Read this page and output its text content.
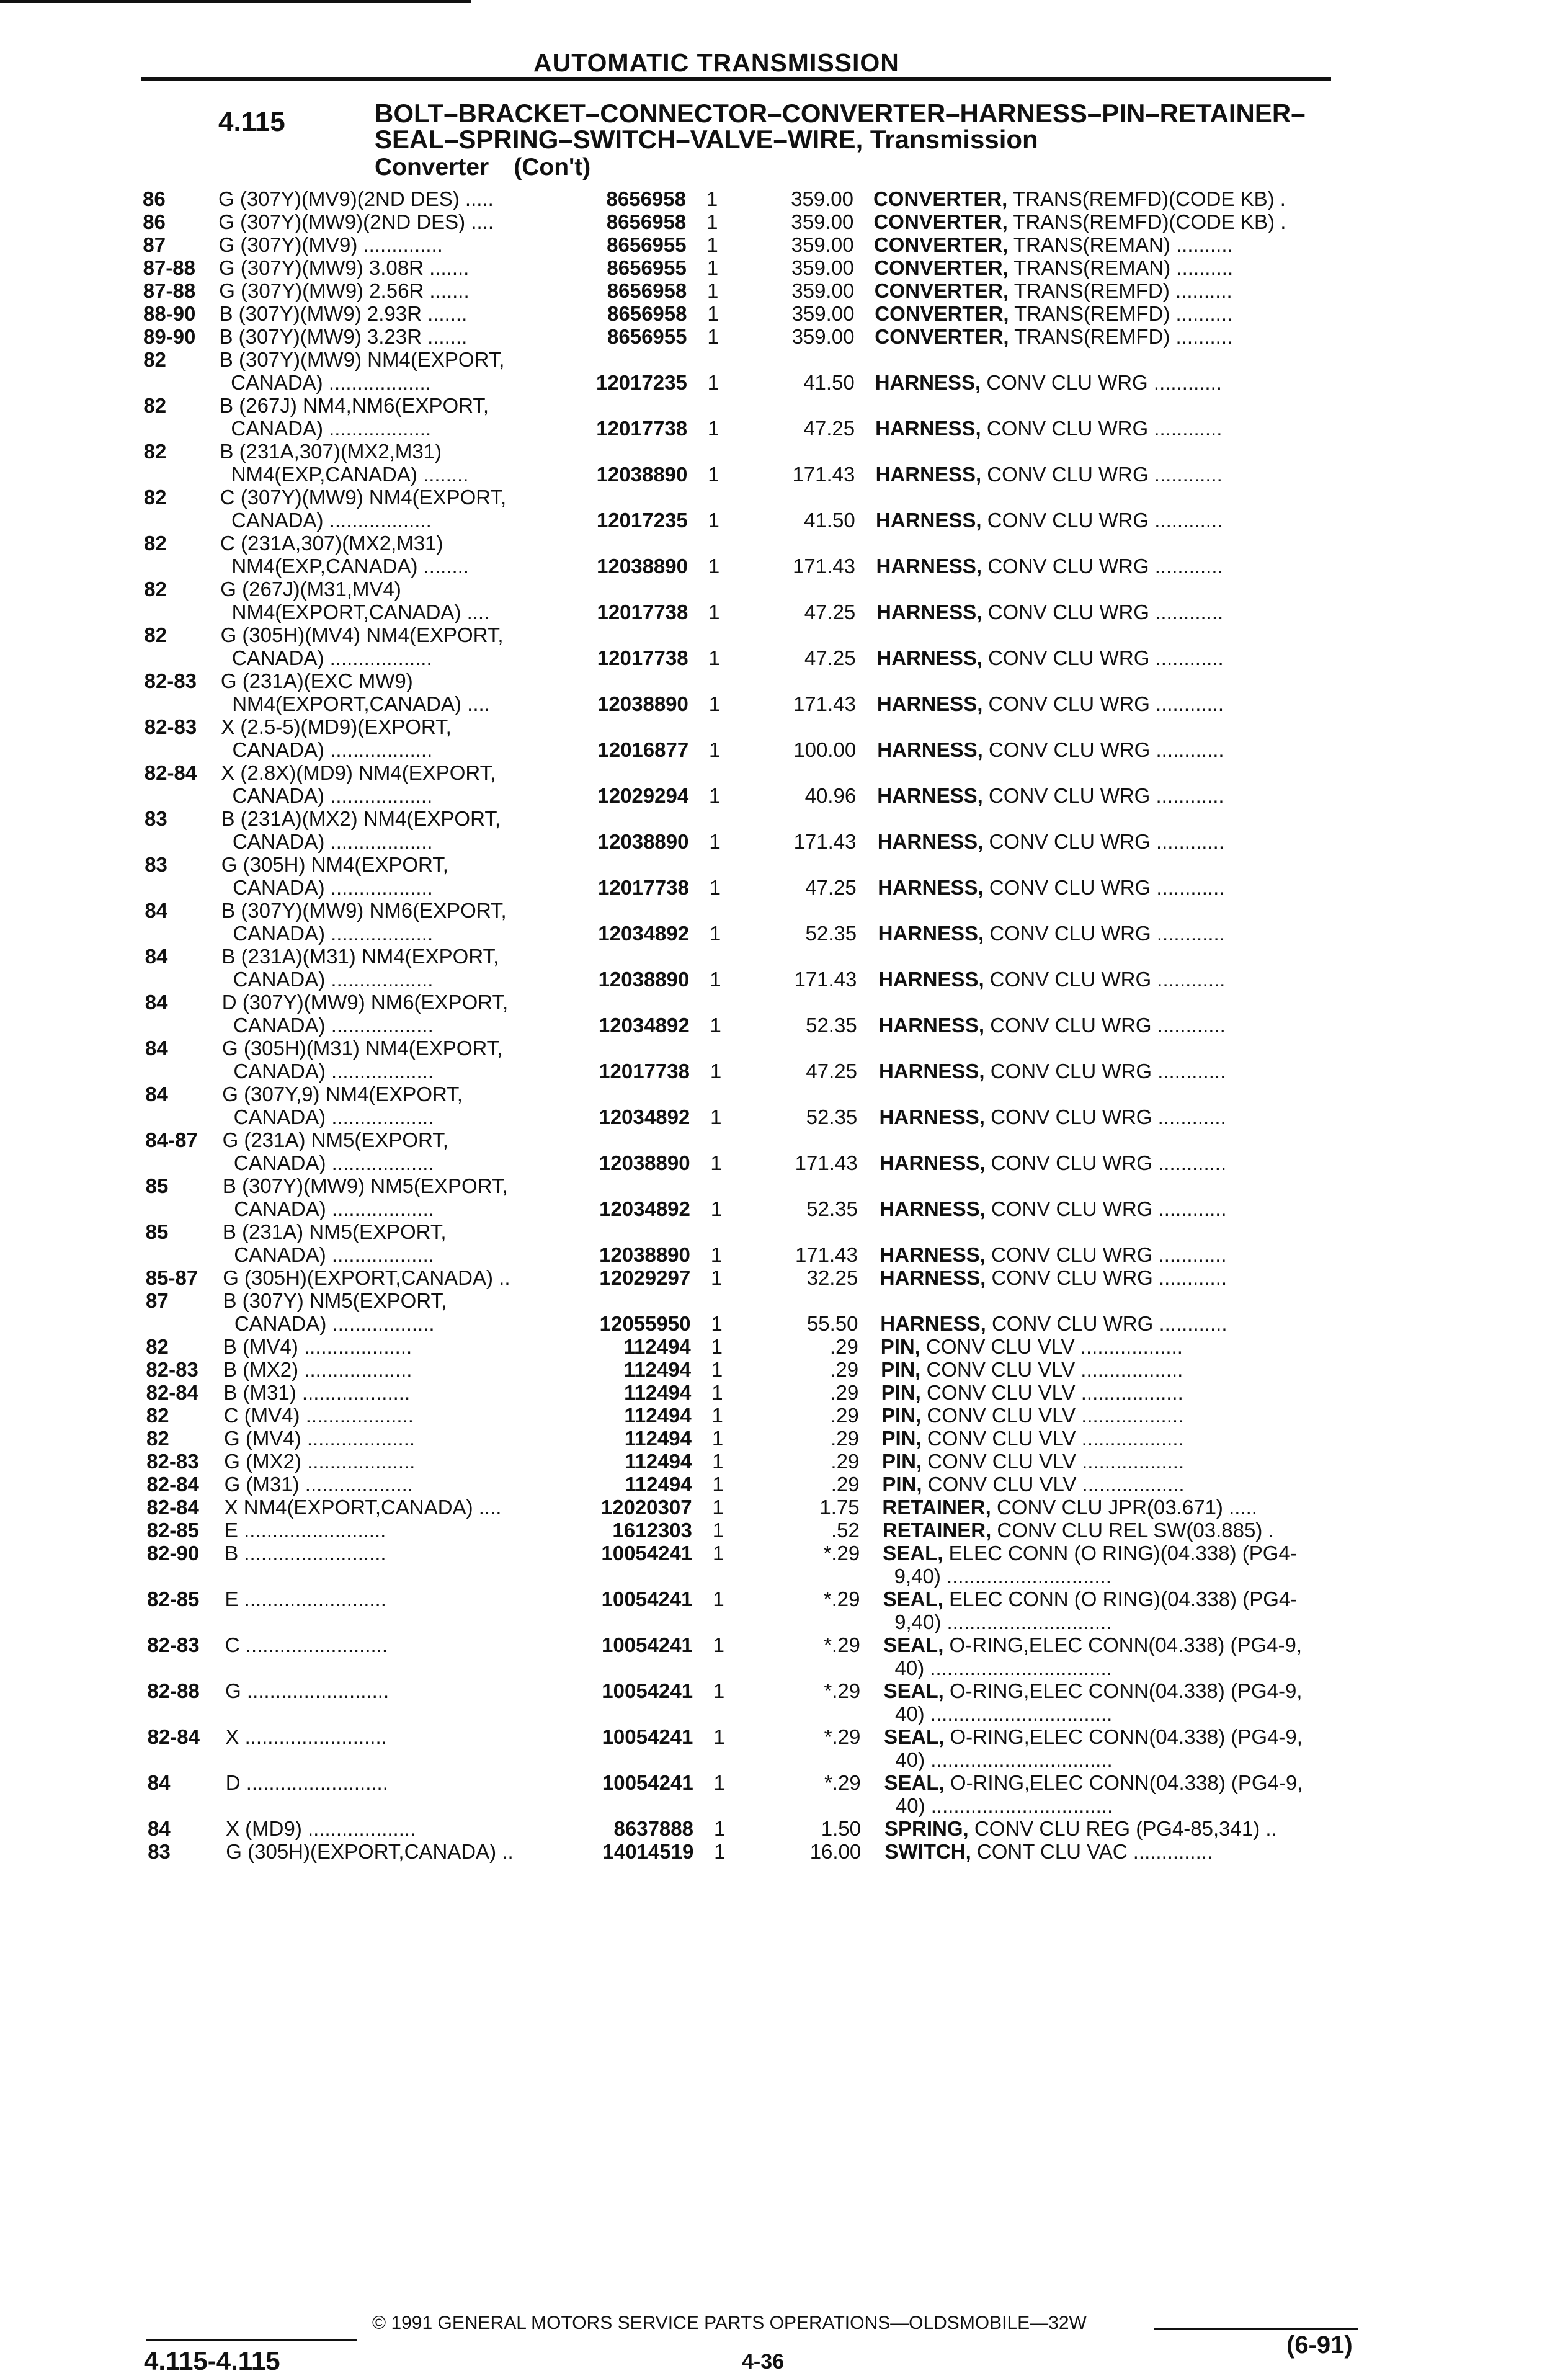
AUTOMATIC TRANSMISSION
4.115	BOLT–BRACKET–CONNECTOR–CONVERTER–HARNESS–PIN–RETAINER–SEAL–SPRING–SWITCH–VALVE–WIRE, Transmission
Converter (Con't)
86	G (307Y)(MV9)(2ND DES) .....	8656958 1	359.00 CONVERTER, TRANS(REMFD)(CODE KB) .
86	G (307Y)(MW9)(2ND DES) ....	8656958 1	359.00 CONVERTER, TRANS(REMFD)(CODE KB) .
87	G (307Y)(MV9) ..............	8656955 1	359.00 CONVERTER, TRANS(REMAN) ..........
87-88 G (307Y)(MW9) 3.08R .......	8656955 1	359.00 CONVERTER, TRANS(REMAN) ..........
87-88 G (307Y)(MW9) 2.56R .......	8656958 1	359.00 CONVERTER, TRANS(REMFD) ..........
88-90 B (307Y)(MW9) 2.93R .......	8656958 1	359.00 CONVERTER, TRANS(REMFD) ..........
89-90 B (307Y)(MW9) 3.23R .......	8656955 1	359.00 CONVERTER, TRANS(REMFD) ..........
82	B (307Y)(MW9) NM4(EXPORT,
CANADA) ..................	12017235 1	41.50 HARNESS, CONV CLU WRG ............
82	B (267J) NM4,NM6(EXPORT,
CANADA) ..................	12017738 1	47.25 HARNESS, CONV CLU WRG ............
82	B (231A,307)(MX2,M31)
NM4(EXP,CANADA) ........	12038890 1	171.43 HARNESS, CONV CLU WRG ............
82	C (307Y)(MW9) NM4(EXPORT,
CANADA) ..................	12017235 1	41.50 HARNESS, CONV CLU WRG ............
82	C (231A,307)(MX2,M31)
NM4(EXP,CANADA) ........	12038890 1	171.43 HARNESS, CONV CLU WRG ............
82	G (267J)(M31,MV4)
NM4(EXPORT,CANADA) ....	12017738 1	47.25 HARNESS, CONV CLU WRG ............
82	G (305H)(MV4) NM4(EXPORT,
CANADA) ..................	12017738 1	47.25 HARNESS, CONV CLU WRG ............
82-83 G (231A)(EXC MW9)
NM4(EXPORT,CANADA) ....	12038890 1	171.43 HARNESS, CONV CLU WRG ............
82-83 X (2.5-5)(MD9)(EXPORT,
CANADA) ..................	12016877 1	100.00 HARNESS, CONV CLU WRG ............
82-84 X (2.8X)(MD9) NM4(EXPORT,
CANADA) ..................	12029294 1	40.96 HARNESS, CONV CLU WRG ............
83	B (231A)(MX2) NM4(EXPORT,
CANADA) ..................	12038890 1	171.43 HARNESS, CONV CLU WRG ............
83	G (305H) NM4(EXPORT,
CANADA) ..................	12017738 1	47.25 HARNESS, CONV CLU WRG ............
84	B (307Y)(MW9) NM6(EXPORT,
CANADA) ..................	12034892 1	52.35 HARNESS, CONV CLU WRG ............
84	B (231A)(M31) NM4(EXPORT,
CANADA) ..................	12038890 1	171.43 HARNESS, CONV CLU WRG ............
84	D (307Y)(MW9) NM6(EXPORT,
CANADA) ..................	12034892 1	52.35 HARNESS, CONV CLU WRG ............
84	G (305H)(M31) NM4(EXPORT,
CANADA) ..................	12017738 1	47.25 HARNESS, CONV CLU WRG ............
84	G (307Y,9) NM4(EXPORT,
CANADA) ..................	12034892 1	52.35 HARNESS, CONV CLU WRG ............
84-87 G (231A) NM5(EXPORT,
CANADA) ..................	12038890 1	171.43 HARNESS, CONV CLU WRG ............
85	B (307Y)(MW9) NM5(EXPORT,
CANADA) ..................	12034892 1	52.35 HARNESS, CONV CLU WRG ............
85	B (231A) NM5(EXPORT,
CANADA) ..................	12038890 1	171.43 HARNESS, CONV CLU WRG ............
85-87 G (305H)(EXPORT,CANADA) ..	12029297 1	32.25 HARNESS, CONV CLU WRG ............
87	B (307Y) NM5(EXPORT,
CANADA) ..................	12055950 1	55.50 HARNESS, CONV CLU WRG ............
82	B (MV4) ...................	112494 1	.29 PIN, CONV CLU VLV ..................
82-83 B (MX2) ...................	112494 1	.29 PIN, CONV CLU VLV ..................
82-84 B (M31) ...................	112494 1	.29 PIN, CONV CLU VLV ..................
82	C (MV4) ...................	112494 1	.29 PIN, CONV CLU VLV ..................
82	G (MV4) ...................	112494 1	.29 PIN, CONV CLU VLV ..................
82-83 G (MX2) ...................	112494 1	.29 PIN, CONV CLU VLV ..................
82-84 G (M31) ...................	112494 1	.29 PIN, CONV CLU VLV ..................
82-84 X NM4(EXPORT,CANADA) ....	12020307 1	1.75 RETAINER, CONV CLU JPR(03.671) .....
82-85 E .........................	1612303 1	.52 RETAINER, CONV CLU REL SW(03.885) .
82-90 B .........................	10054241 1	*.29 SEAL, ELEC CONN (O RING)(04.338) (PG4-
9,40) .............................
82-85 E .........................	10054241 1	*.29 SEAL, ELEC CONN (O RING)(04.338) (PG4-
9,40) .............................
82-83 C .........................	10054241 1	*.29 SEAL, O-RING,ELEC CONN(04.338) (PG4-9,
40) ................................
82-88 G .........................	10054241 1	*.29 SEAL, O-RING,ELEC CONN(04.338) (PG4-9,
40) ................................
82-84 X .........................	10054241 1	*.29 SEAL, O-RING,ELEC CONN(04.338) (PG4-9,
40) ................................
84	D .........................	10054241 1	*.29 SEAL, O-RING,ELEC CONN(04.338) (PG4-9,
40) ................................
84	X (MD9) ...................	8637888 1	1.50 SPRING, CONV CLU REG (PG4-85,341) ..
83	G (305H)(EXPORT,CANADA) ..	14014519 1	16.00 SWITCH, CONT CLU VAC ..............
© 1991 GENERAL MOTORS SERVICE PARTS OPERATIONS—OLDSMOBILE—32W
4.115-4.115	4-36
(6-91)
